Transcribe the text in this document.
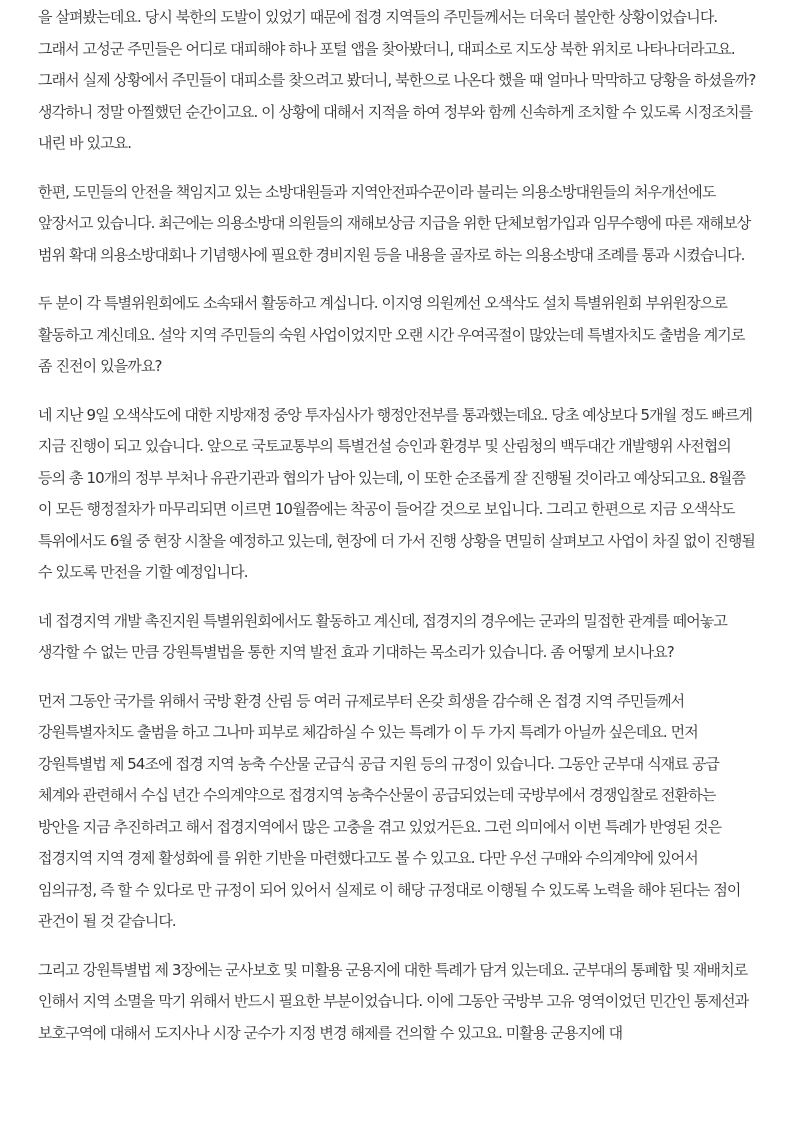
을 살펴봤는데요. 당시 북한의 도발이 있었기 때문에 접경 지역들의 주민들께서는 더욱더 불안한 상황이었습니다. 그래서 고성군 주민들은 어디로 대피해야 하나 포털 앱을 찾아봤더니, 대피소로 지도상 북한 위치로 나타나더라고요. 그래서 실제 상황에서 주민들이 대피소를 찾으려고 봤더니, 북한으로 나온다 했을 때 얼마나 막막하고 당황을 하셨을까? 생각하니 정말 아찔했던 순간이고요. 이 상황에 대해서 지적을 하여 정부와 함께 신속하게 조치할 수 있도록 시정조치를 내린 바 있고요.

한편, 도민들의 안전을 책임지고 있는 소방대원들과 지역안전파수꾼이라 불리는 의용소방대원들의 처우개선에도 앞장서고 있습니다. 최근에는 의용소방대 의원들의 재해보상금 지급을 위한 단체보험가입과 임무수행에 따른 재해보상 범위 확대 의용소방대회나 기념행사에 필요한 경비지원 등을 내용을 골자로 하는 의용소방대 조례를 통과 시켰습니다.

두 분이 각 특별위원회에도 소속돼서 활동하고 계십니다. 이지영 의원께선 오색삭도 설치 특별위원회 부위원장으로 활동하고 계신데요. 설악 지역 주민들의 숙원 사업이었지만 오랜 시간 우여곡절이 많았는데 특별자치도 출범을 계기로 좀 진전이 있을까요?

네 지난 9일 오색삭도에 대한 지방재정 중앙 투자심사가 행정안전부를 통과했는데요. 당초 예상보다 5개월 정도 빠르게 지금 진행이 되고 있습니다. 앞으로 국토교통부의 특별건설 승인과 환경부 및 산림청의 백두대간 개발행위 사전협의 등의 총 10개의 정부 부처나 유관기관과 협의가 남아 있는데, 이 또한 순조롭게 잘 진행될 것이라고 예상되고요. 8월쯤 이 모든 행정절차가 마무리되면 이르면 10월쯤에는 착공이 들어갈 것으로 보입니다. 그리고 한편으로 지금 오색삭도 특위에서도 6월 중 현장 시찰을 예정하고 있는데, 현장에 더 가서 진행 상황을 면밀히 살펴보고 사업이 차질 없이 진행될 수 있도록 만전을 기할 예정입니다.

네 접경지역 개발 촉진지원 특별위원회에서도 활동하고 계신데, 접경지의 경우에는 군과의 밀접한 관계를 떼어놓고 생각할 수 없는 만큼 강원특별법을 통한 지역 발전 효과 기대하는 목소리가 있습니다. 좀 어떻게 보시나요?

먼저 그동안 국가를 위해서 국방 환경 산림 등 여러 규제로부터 온갖 희생을 감수해 온 접경 지역 주민들께서 강원특별자치도 출범을 하고 그나마 피부로 체감하실 수 있는 특례가 이 두 가지 특례가 아닐까 싶은데요. 먼저 강원특별법 제 54조에 접경 지역 농축 수산물 군급식 공급 지원 등의 규정이 있습니다. 그동안 군부대 식재료 공급 체계와 관련해서 수십 년간 수의계약으로 접경지역 농축수산물이 공급되었는데 국방부에서 경쟁입찰로 전환하는 방안을 지금 추진하려고 해서 접경지역에서 많은 고충을 겪고 있었거든요. 그런 의미에서 이번 특례가 반영된 것은 접경지역 지역 경제 활성화에 를 위한 기반을 마련했다고도 볼 수 있고요. 다만 우선 구매와 수의계약에 있어서 임의규정, 즉 할 수 있다로 만 규정이 되어 있어서 실제로 이 해당 규정대로 이행될 수 있도록 노력을 해야 된다는 점이 관건이 될 것 같습니다.

그리고 강원특별법 제 3장에는 군사보호 및 미활용 군용지에 대한 특례가 담겨 있는데요. 군부대의 통폐합 및 재배치로 인해서 지역 소멸을 막기 위해서 반드시 필요한 부분이었습니다. 이에 그동안 국방부 고유 영역이었던 민간인 통제선과 보호구역에 대해서 도지사나 시장 군수가 지정 변경 해제를 건의할 수 있고요. 미활용 군용지에 대
